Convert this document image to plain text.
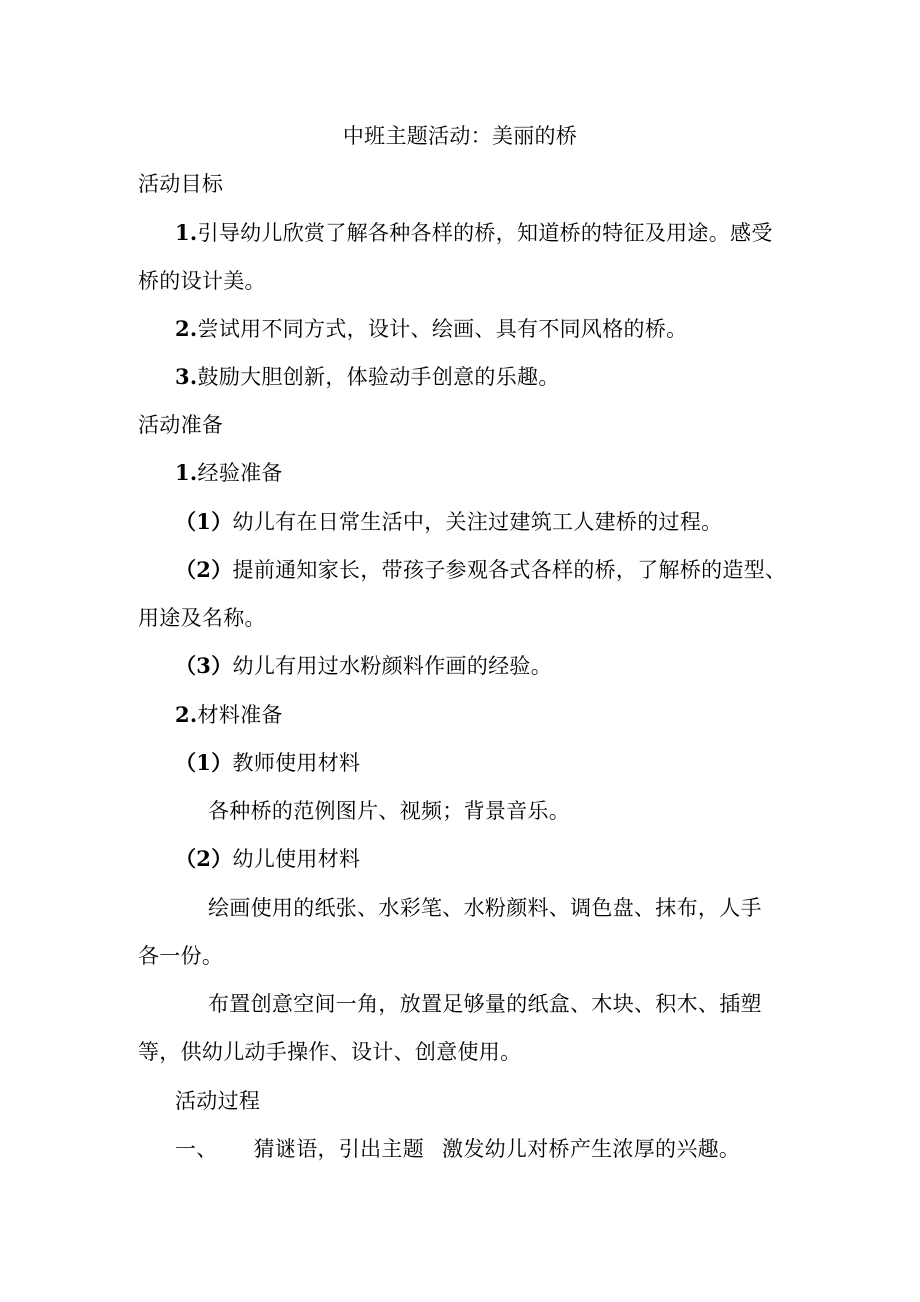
中班主题活动：美丽的桥
活动目标
1.引导幼儿欣赏了解各种各样的桥，知道桥的特征及用途。感受
桥的设计美。
2.尝试用不同方式，设计、绘画、具有不同风格的桥。
3.鼓励大胆创新，体验动手创意的乐趣。
活动准备
1.经验准备
（1）幼儿有在日常生活中，关注过建筑工人建桥的过程。
（2）提前通知家长，带孩子参观各式各样的桥，了解桥的造型、
用途及名称。
（3）幼儿有用过水粉颜料作画的经验。
2.材料准备
（1）教师使用材料
各种桥的范例图片、视频；背景音乐。
（2）幼儿使用材料
绘画使用的纸张、水彩笔、水粉颜料、调色盘、抹布，人手
各一份。
布置创意空间一角，放置足够量的纸盒、木块、积木、插塑
等，供幼儿动手操作、设计、创意使用。
活动过程
一、 猜谜语，引出主题 激发幼儿对桥产生浓厚的兴趣。
